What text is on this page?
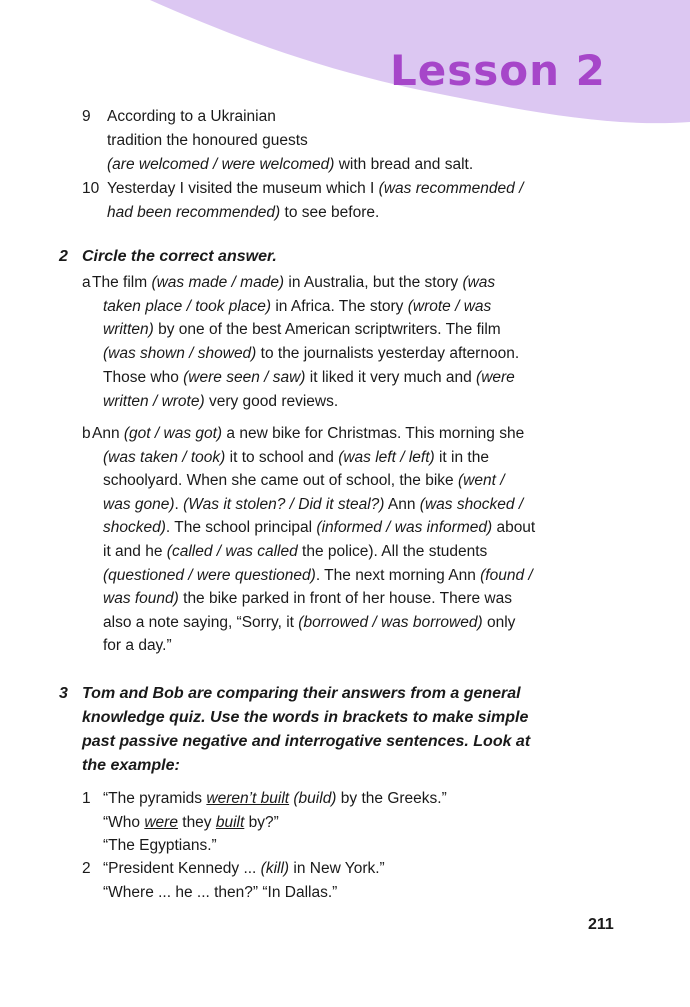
Lesson 2
9 According to a Ukrainian
tradition the honoured guests
(are welcomed / were welcomed) with bread and salt.
10 Yesterday I visited the museum which I (was recommended /
had been recommended) to see before.
2 Circle the correct answer.
a The film (was made / made) in Australia, but the story (was
taken place / took place) in Africa. The story (wrote / was
written) by one of the best American scriptwriters. The film
(was shown / showed) to the journalists yesterday afternoon.
Those who (were seen / saw) it liked it very much and (were
written / wrote) very good reviews.
b Ann (got / was got) a new bike for Christmas. This morning she
(was taken / took) it to school and (was left / left) it in the
schoolyard. When she came out of school, the bike (went /
was gone). (Was it stolen? / Did it steal?) Ann (was shocked /
shocked). The school principal (informed / was informed) about
it and he (called / was called the police). All the students
(questioned / were questioned). The next morning Ann (found /
was found) the bike parked in front of her house. There was
also a note saying, “Sorry, it (borrowed / was borrowed) only
for a day.”
3 Tom and Bob are comparing their answers from a general
knowledge quiz. Use the words in brackets to make simple
past passive negative and interrogative sentences. Look at
the example:
1 “The pyramids weren’t built (build) by the Greeks.”
“Who were they built by?”
“The Egyptians.”
2 “President Kennedy ... (kill) in New York.”
“Where ... he ... then?” “In Dallas.”
211
